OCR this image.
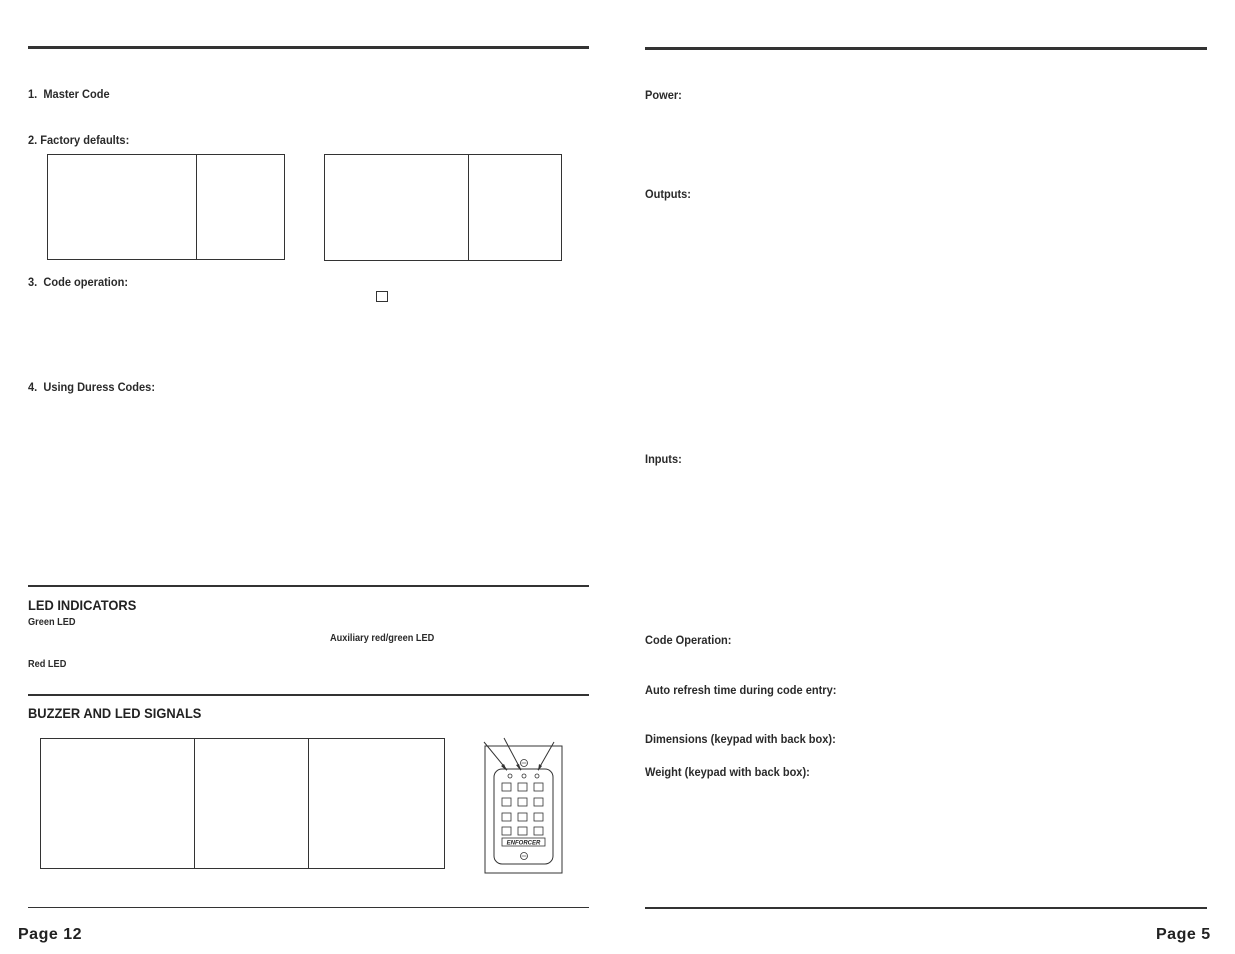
1. Master Code
2. Factory defaults:
3. Code operation:
4. Using Duress Codes:
LED INDICATORS
Green LED
Auxiliary red/green LED
Red LED
BUZZER AND LED SIGNALS
ENFORCER
Page 12
Power:
Outputs:
Inputs:
Code Operation:
Auto refresh time during code entry:
Dimensions (keypad with back box):
Weight (keypad with back box):
Page 5
